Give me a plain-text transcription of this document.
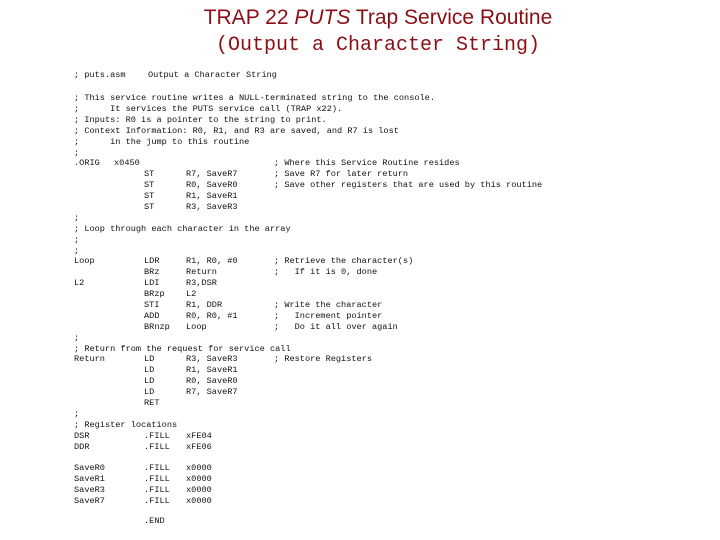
TRAP 22 PUTS Trap Service Routine
(Output a Character String)
; puts.asm	Output a Character String
; This service routine writes a NULL-terminated string to the console.
;      It services the PUTS service call (TRAP x22).
; Inputs: R0 is a pointer to the string to print.
; Context Information: R0, R1, and R3 are saved, and R7 is lost
;      in the jump to this routine
;
.ORIG x0450	; Where this Service Routine resides
ST	R7, SaveR7	; Save R7 for later return
ST	R0, SaveR0	; Save other registers that are used by this routine
ST	R1, SaveR1
ST	R3, SaveR3
;
; Loop through each character in the array
;
;
Loop	LDR	R1, R0, #0	; Retrieve the character(s)
BRz	Return	;   If it is 0, done
L2	LDI	R3,DSR
BRzp L2
STI	R1, DDR	; Write the character
ADD	R0, R0, #1	;   Increment pointer
BRnzp Loop	;   Do it all over again
;
; Return from the request for service call
Return	LD	R3, SaveR3	; Restore Registers
LD	R1, SaveR1
LD	R0, SaveR0
LD	R7, SaveR7
RET
;
; Register locations
DSR	.FILL xFE04
DDR	.FILL xFE06
SaveR0	.FILL x0000
SaveR1	.FILL x0000
SaveR3	.FILL x0000
SaveR7	.FILL x0000
.END
